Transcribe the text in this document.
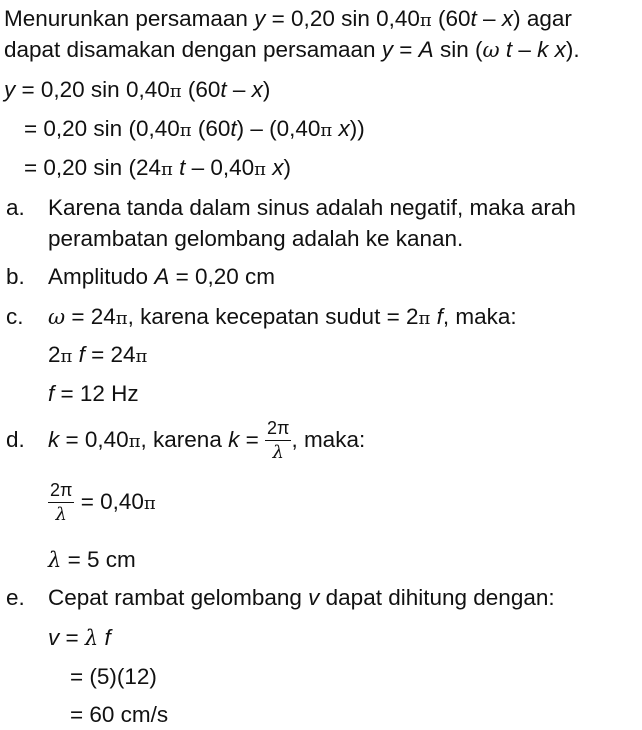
Menurunkan persamaan y = 0,20 sin 0,40π (60t – x) agar
dapat disamakan dengan persamaan y = A sin (ω t – k x).
y = 0,20 sin 0,40π (60t – x)
= 0,20 sin (0,40π (60t) – (0,40π x))
= 0,20 sin (24π t – 0,40π x)
a. Karena tanda dalam sinus adalah negatif, maka arah
perambatan gelombang adalah ke kanan.
b. Amplitudo A = 0,20 cm
c. ω = 24π, karena kecepatan sudut = 2π f, maka:
2π f = 24π
f = 12 Hz
d. k = 0,40π, karena $k = \frac{2\pi}{\lambda}$ , maka:
$\frac{2\pi}{\lambda} = 0,40\pi$
λ = 5 cm
e. Cepat rambat gelombang v dapat dihitung dengan:
v = λ f
= (5)(12)
= 60 cm/s
